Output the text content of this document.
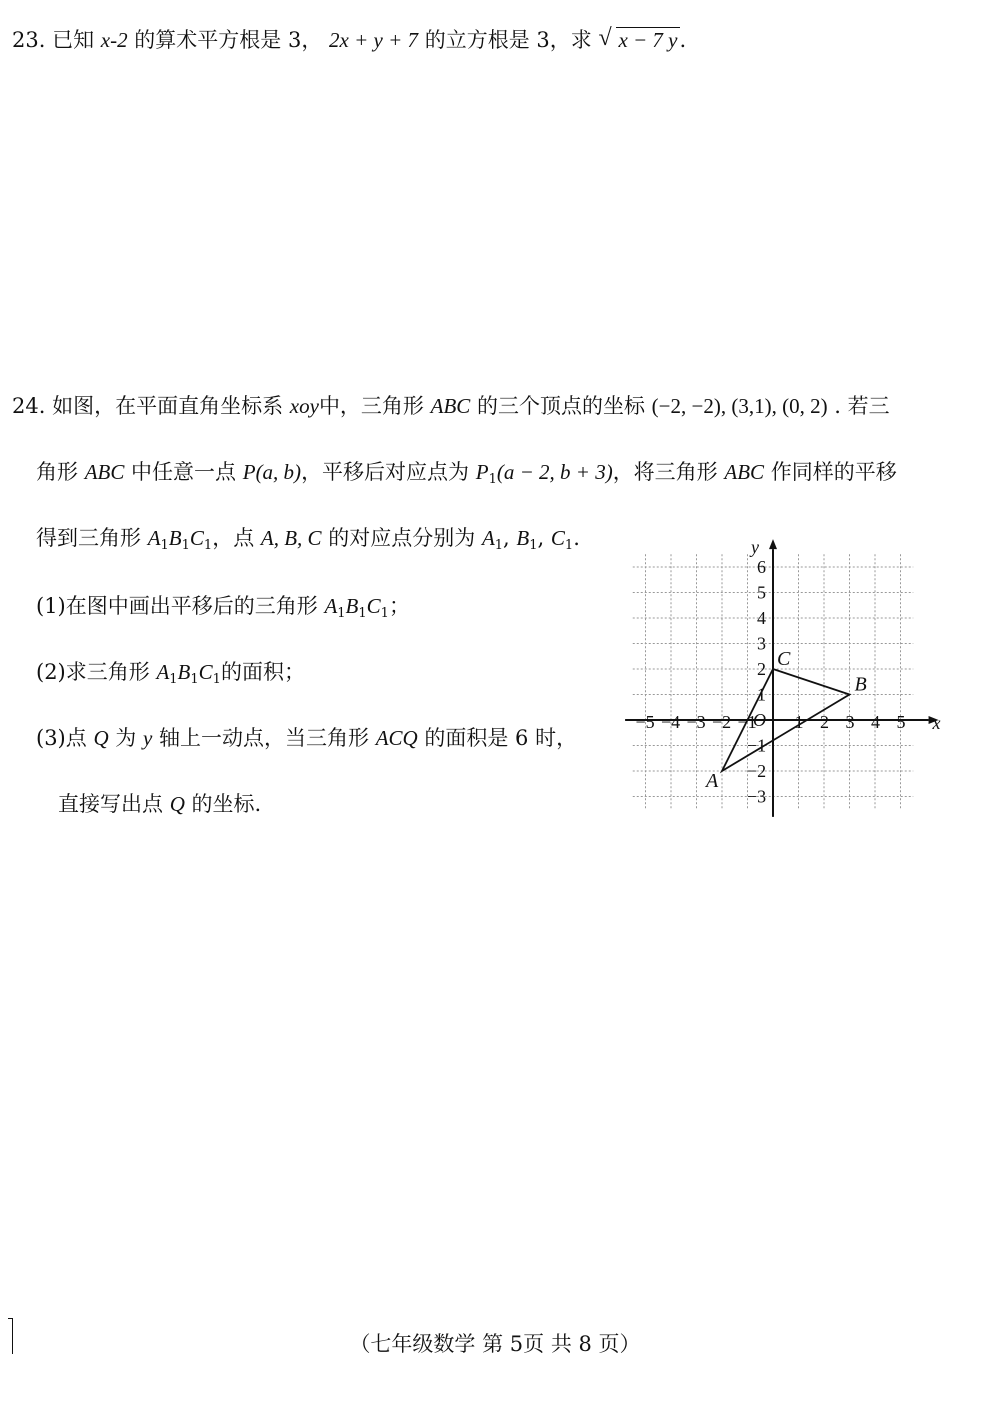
23. 已知 x-2 的算术平方根是 3， 2x + y + 7 的立方根是 3，求 √ x − 7 y.
24. 如图，在平面直角坐标系 xoy中，三角形 ABC 的三个顶点的坐标 (−2, −2), (3,1), (0, 2) . 若三
角形 ABC 中任意一点 P(a, b)，平移后对应点为 $P_1(a - 2$, b + 3)，将三角形 ABC 作同样的平移
得到三角形 $A_1B_1C_1$，点 A, B, C 的对应点分别为 $A_1$, $B_1$, $C_1$.
(1)在图中画出平移后的三角形 $A_1B_1C_1$；
(2)求三角形 $A_1B_1C_1$的面积；
(3)点 Q 为 y 轴上一动点，当三角形 ACQ 的面积是 6 时，
直接写出点 Q 的坐标.
−5 −4 −3 −2 −1 1 2 3 4 5
1
2
3
4
5
6
−1
−2
−3
O	x
y
A
B
C
（七年级数学 第 5页 共 8 页）
